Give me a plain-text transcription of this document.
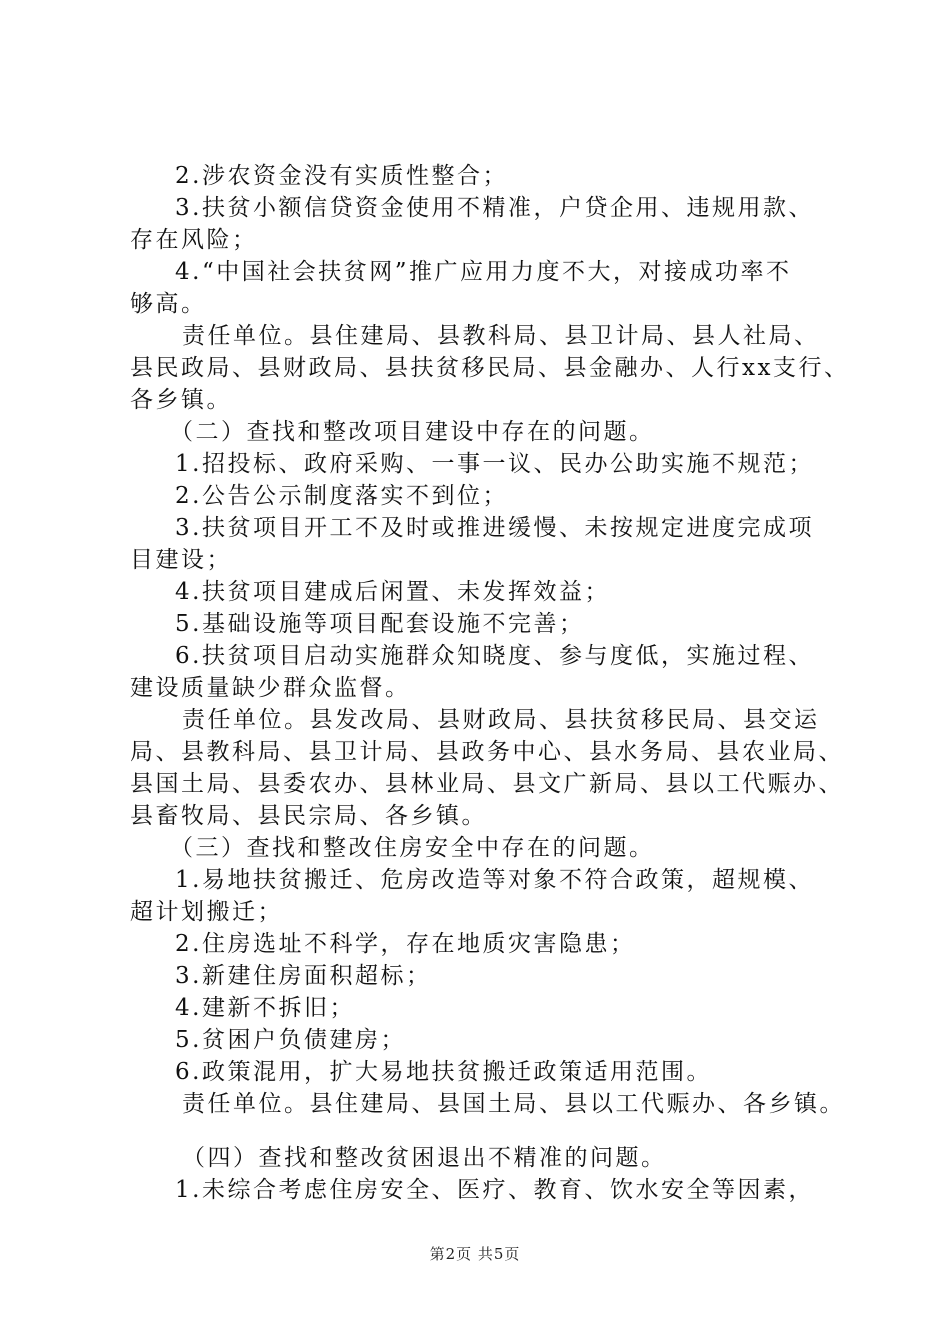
2.涉农资金没有实质性整合；
3.扶贫小额信贷资金使用不精准，户贷企用、违规用款、
存在风险；
4.“中国社会扶贫网”推广应用力度不大，对接成功率不
够高。
责任单位。县住建局、县教科局、县卫计局、县人社局、
县民政局、县财政局、县扶贫移民局、县金融办、人行xx支行、
各乡镇。
（二）查找和整改项目建设中存在的问题。
1.招投标、政府采购、一事一议、民办公助实施不规范；
2.公告公示制度落实不到位；
3.扶贫项目开工不及时或推进缓慢、未按规定进度完成项
目建设；
4.扶贫项目建成后闲置、未发挥效益；
5.基础设施等项目配套设施不完善；
6.扶贫项目启动实施群众知晓度、参与度低，实施过程、
建设质量缺少群众监督。
责任单位。县发改局、县财政局、县扶贫移民局、县交运
局、县教科局、县卫计局、县政务中心、县水务局、县农业局、
县国土局、县委农办、县林业局、县文广新局、县以工代赈办、
县畜牧局、县民宗局、各乡镇。
（三）查找和整改住房安全中存在的问题。
1.易地扶贫搬迁、危房改造等对象不符合政策，超规模、
超计划搬迁；
2.住房选址不科学，存在地质灾害隐患；
3.新建住房面积超标；
4.建新不拆旧；
5.贫困户负债建房；
6.政策混用，扩大易地扶贫搬迁政策适用范围。
责任单位。县住建局、县国土局、县以工代赈办、各乡镇。
（四）查找和整改贫困退出不精准的问题。
1.未综合考虑住房安全、医疗、教育、饮水安全等因素，
第2页 共5页
